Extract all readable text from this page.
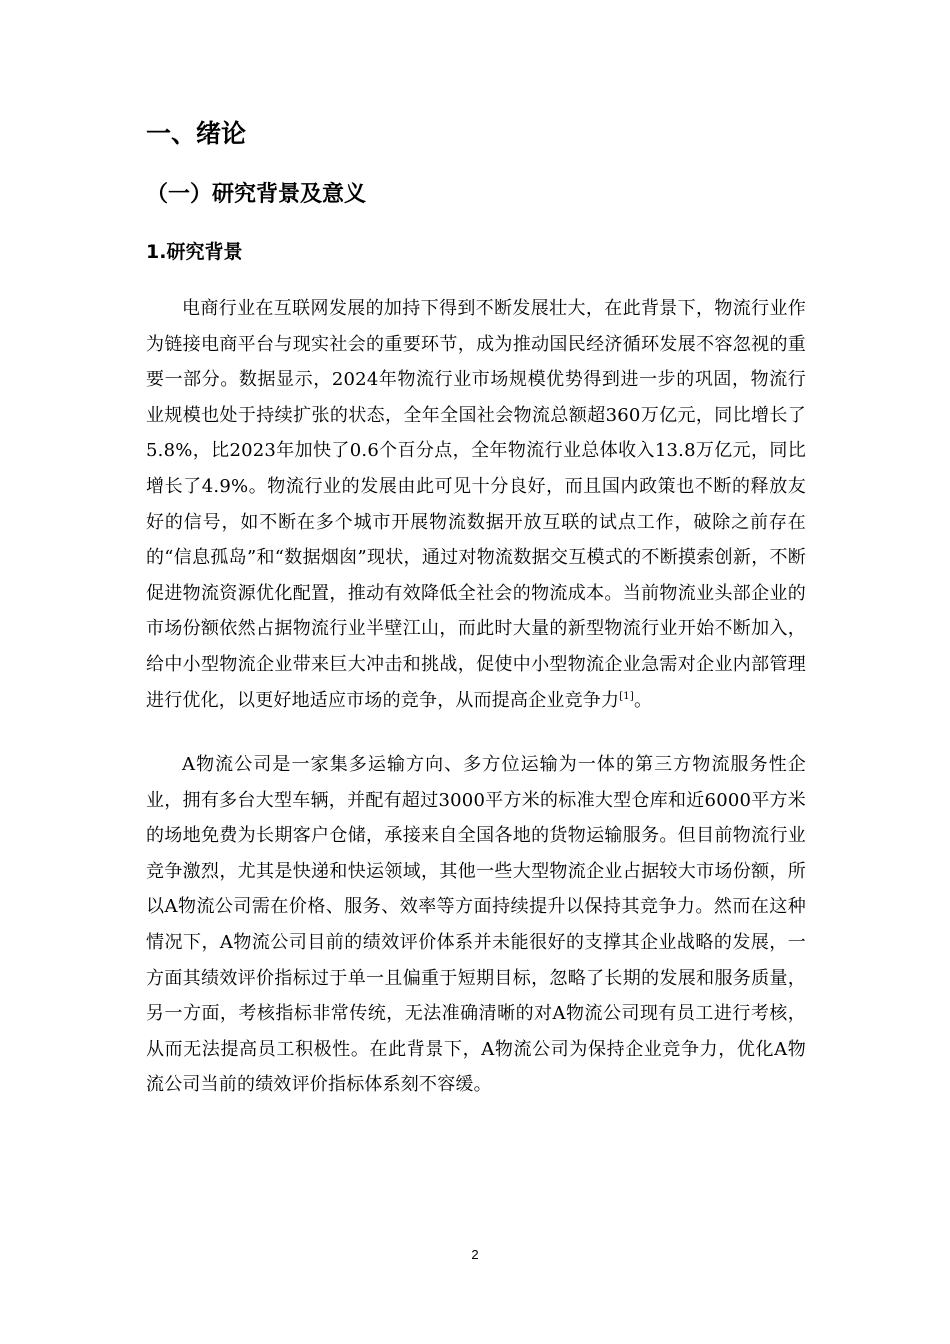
一、绪论
（一）研究背景及意义
1.研究背景

电商行业在互联网发展的加持下得到不断发展壮大，在此背景下，物流行业作为链接电商平台与现实社会的重要环节，成为推动国民经济循环发展不容忽视的重要一部分。数据显示，2024年物流行业市场规模优势得到进一步的巩固，物流行业规模也处于持续扩张的状态，全年全国社会物流总额超360万亿元，同比增长了5.8%，比2023年加快了0.6个百分点，全年物流行业总体收入13.8万亿元，同比增长了4.9%。物流行业的发展由此可见十分良好，而且国内政策也不断的释放友好的信号，如不断在多个城市开展物流数据开放互联的试点工作，破除之前存在的“信息孤岛”和“数据烟囱”现状，通过对物流数据交互模式的不断摸索创新，不断促进物流资源优化配置，推动有效降低全社会的物流成本。当前物流业头部企业的市场份额依然占据物流行业半壁江山，而此时大量的新型物流行业开始不断加入，给中小型物流企业带来巨大冲击和挑战，促使中小型物流企业急需对企业内部管理进行优化，以更好地适应市场的竞争，从而提高企业竞争力[1]。

A物流公司是一家集多运输方向、多方位运输为一体的第三方物流服务性企业，拥有多台大型车辆，并配有超过3000平方米的标准大型仓库和近6000平方米的场地免费为长期客户仓储，承接来自全国各地的货物运输服务。但目前物流行业竞争激烈，尤其是快递和快运领域，其他一些大型物流企业占据较大市场份额，所以A物流公司需在价格、服务、效率等方面持续提升以保持其竞争力。然而在这种情况下，A物流公司目前的绩效评价体系并未能很好的支撑其企业战略的发展，一方面其绩效评价指标过于单一且偏重于短期目标，忽略了长期的发展和服务质量，另一方面，考核指标非常传统，无法准确清晰的对A物流公司现有员工进行考核，从而无法提高员工积极性。在此背景下，A物流公司为保持企业竞争力，优化A物流公司当前的绩效评价指标体系刻不容缓。

2
